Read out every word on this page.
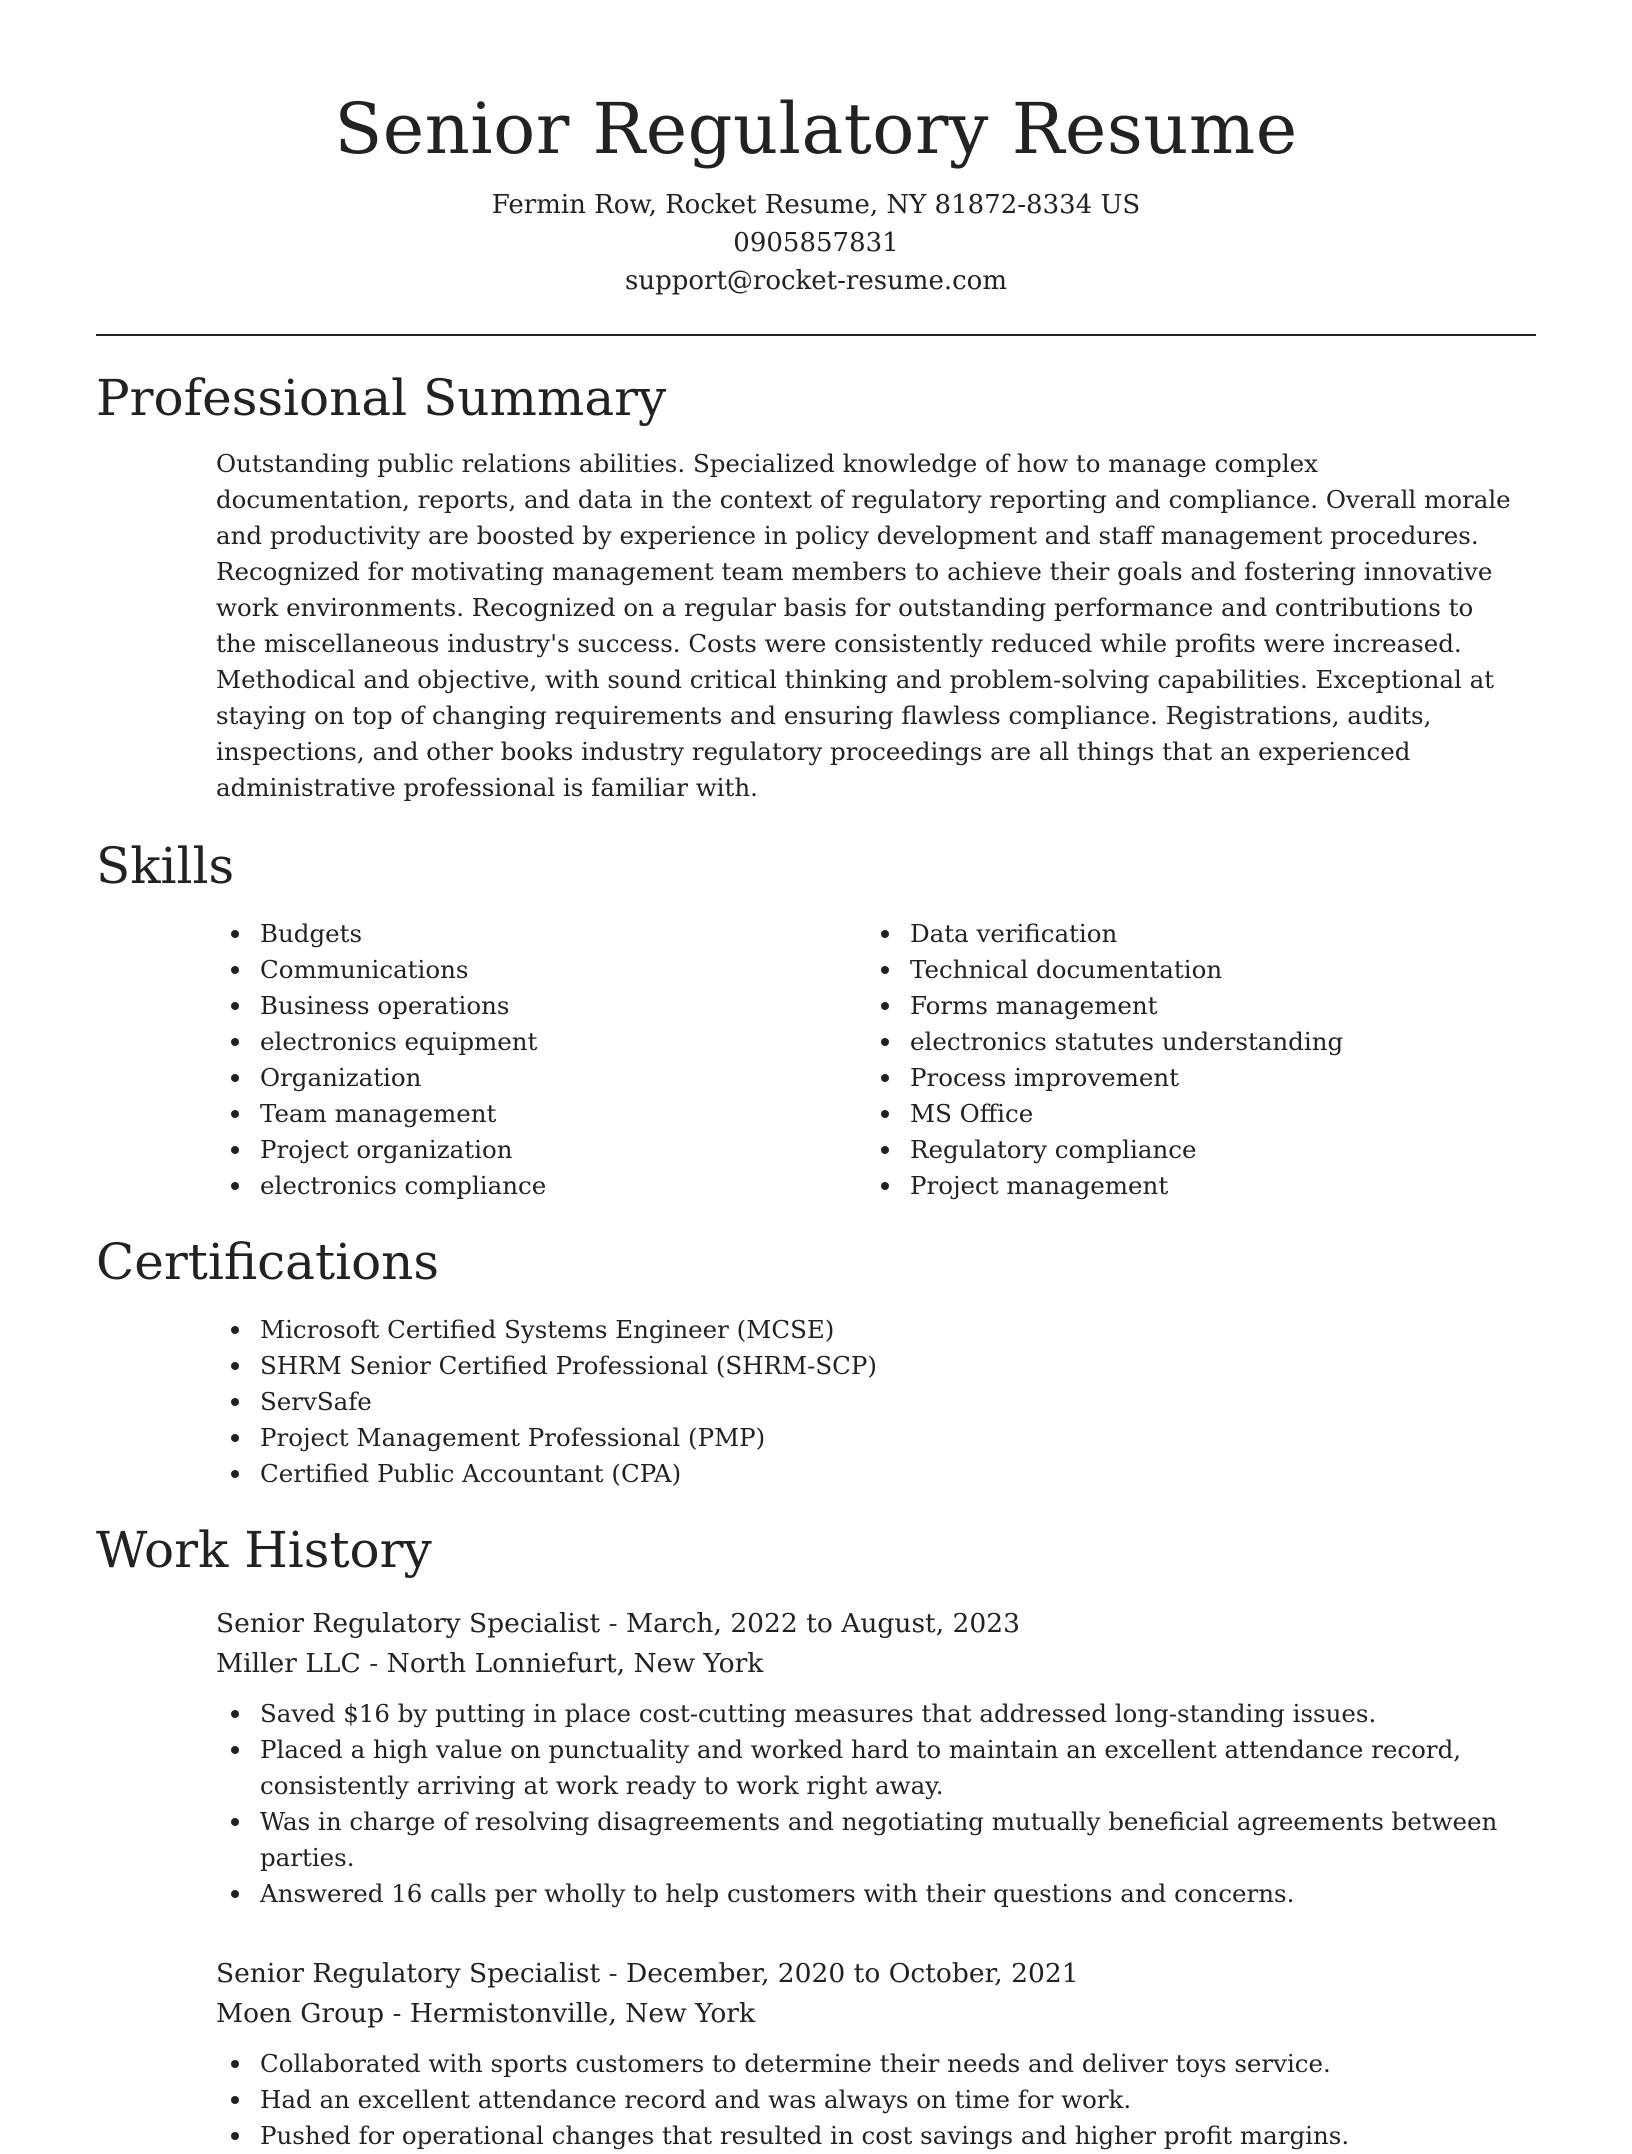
Senior Regulatory Resume
Fermin Row, Rocket Resume, NY 81872-8334 US
0905857831
support@rocket-resume.com
Professional Summary

Outstanding public relations abilities. Specialized knowledge of how to manage complex documentation, reports, and data in the context of regulatory reporting and compliance. Overall morale and productivity are boosted by experience in policy development and staff management procedures. Recognized for motivating management team members to achieve their goals and fostering innovative work environments. Recognized on a regular basis for outstanding performance and contributions to the miscellaneous industry's success. Costs were consistently reduced while profits were increased. Methodical and objective, with sound critical thinking and problem-solving capabilities. Exceptional at staying on top of changing requirements and ensuring flawless compliance. Registrations, audits, inspections, and other books industry regulatory proceedings are all things that an experienced administrative professional is familiar with.

Skills
Budgets
Communications
Business operations
electronics equipment
Organization
Team management
Project organization
electronics compliance
Data verification
Technical documentation
Forms management
electronics statutes understanding
Process improvement
MS Office
Regulatory compliance
Project management
Certifications
Microsoft Certified Systems Engineer (MCSE)
SHRM Senior Certified Professional (SHRM-SCP)
ServSafe
Project Management Professional (PMP)
Certified Public Accountant (CPA)
Work History
Senior Regulatory Specialist - March, 2022 to August, 2023
Miller LLC - North Lonniefurt, New York
Saved $16 by putting in place cost-cutting measures that addressed long-standing issues.
Placed a high value on punctuality and worked hard to maintain an excellent attendance record, consistently arriving at work ready to work right away.
Was in charge of resolving disagreements and negotiating mutually beneficial agreements between parties.
Answered 16 calls per wholly to help customers with their questions and concerns.
Senior Regulatory Specialist - December, 2020 to October, 2021
Moen Group - Hermistonville, New York
Collaborated with sports customers to determine their needs and deliver toys service.
Had an excellent attendance record and was always on time for work.
Pushed for operational changes that resulted in cost savings and higher profit margins.
